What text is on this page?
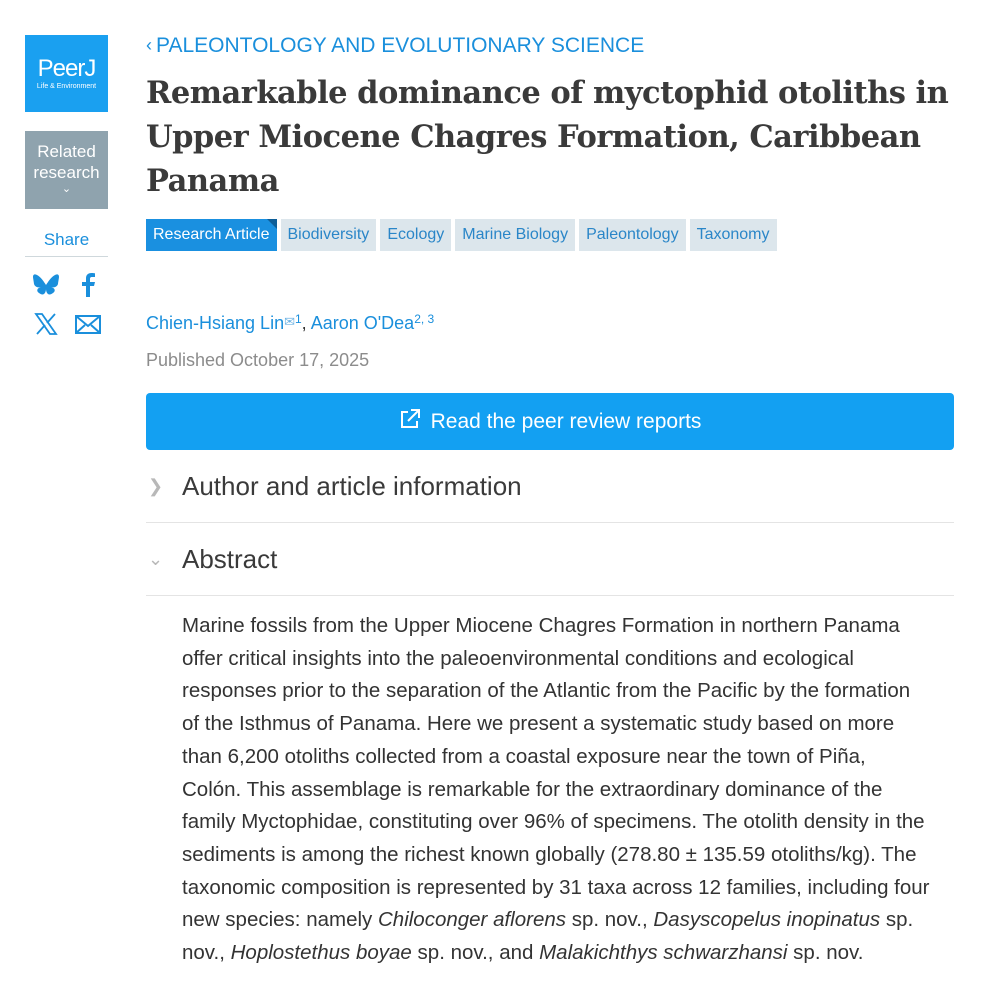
PeerJ
Life & Environment
Related research
⌄
Share
‹ PALEONTOLOGY AND EVOLUTIONARY SCIENCE
Remarkable dominance of myctophid otoliths in Upper Miocene Chagres Formation, Caribbean Panama
Research Article	Biodiversity	Ecology	Marine Biology	Paleontology	Taxonomy
Chien-Hsiang Lin✉$^1$, Aaron O'Dea$^{2, 3}$
Published October 17, 2025
Read the peer review reports
❯ Author and article information
⌄ Abstract

Marine fossils from the Upper Miocene Chagres Formation in northern Panama offer critical insights into the paleoenvironmental conditions and ecological responses prior to the separation of the Atlantic from the Pacific by the formation of the Isthmus of Panama. Here we present a systematic study based on more than 6,200 otoliths collected from a coastal exposure near the town of Piña, Colón. This assemblage is remarkable for the extraordinary dominance of the family Myctophidae, constituting over 96% of specimens. The otolith density in the sediments is among the richest known globally (278.80 ± 135.59 otoliths/kg). The taxonomic composition is represented by 31 taxa across 12 families, including four new species: namely Chiloconger aflorens sp. nov., Dasyscopelus inopinatus sp. nov., Hoplostethus boyae sp. nov., and Malakichthys schwarzhansi sp. nov.
